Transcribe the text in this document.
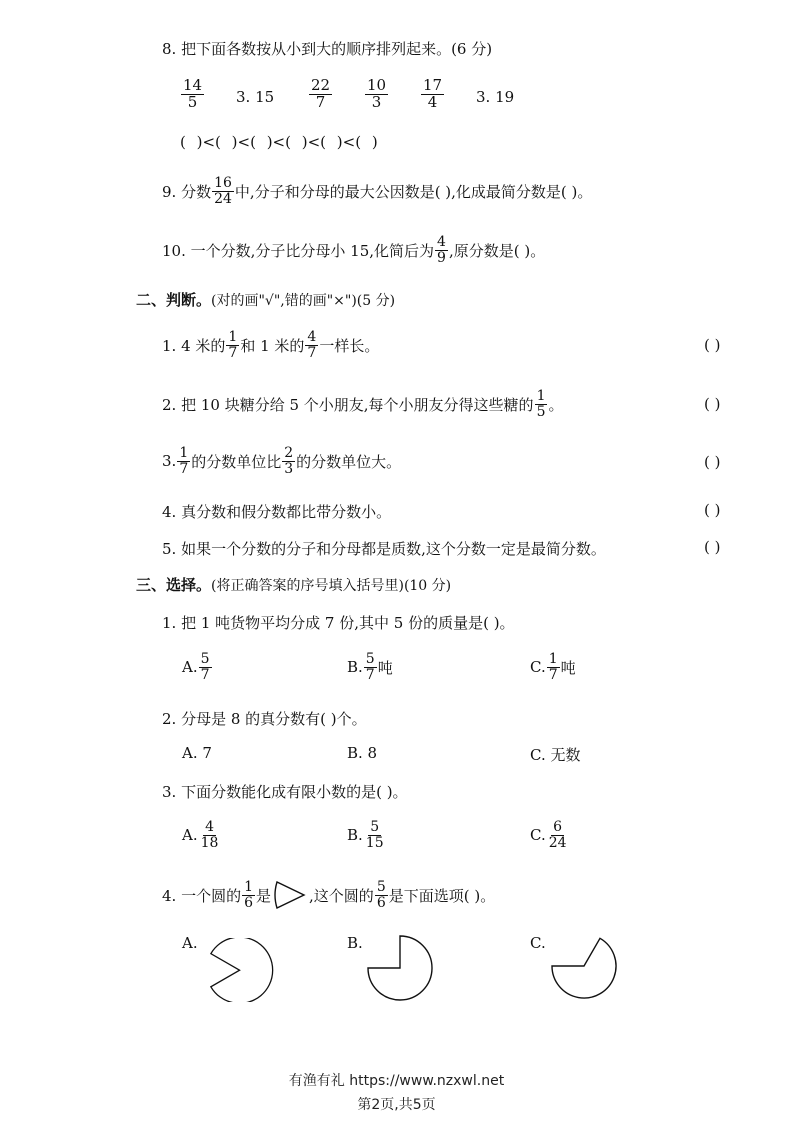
8. 把下面各数按从小到大的顺序排列起来。(6 分)
$\frac{14}{5} 3$. $15 \frac{22}{7} \frac{10}{3} \frac{17}{4} 3$. 19
( )<( )<( )<( )<( )<( )
9. 分数 $\frac{16}{24}$ 中,分子和分母的最大公因数是( ),化成最简分数是( )。
10. 一个分数,分子比分母小 15,化简后为 $\frac{4}{9}$ ,原分数是( )。
二、判断。(对的画"√",错的画"×")(5 分)
1. 4 米的 $\frac{1}{7}$ 和 1 米的 $\frac{4}{7}$ 一样长。	( )
2. 把 10 块糖分给 5 个小朋友,每个小朋友分得这些糖的 $\frac{1}{5}$ 。	( )
3. $\frac{1}{7}$ 的分数单位比 $\frac{2}{3}$ 的分数单位大。	( )
4. 真分数和假分数都比带分数小。	( )
5. 如果一个分数的分子和分母都是质数,这个分数一定是最简分数。	( )
三、选择。(将正确答案的序号填入括号里)(10 分)
1. 把 1 吨货物平均分成 7 份,其中 5 份的质量是( )。
A. $\frac{5}{7}$	B. $\frac{5}{7}$ 吨	C. $\frac{1}{7}$ 吨
2. 分母是 8 的真分数有( )个。
A. 7	B. 8	C. 无数
3. 下面分数能化成有限小数的是( )。
A. $\frac{4}{18}$	B. $\frac{5}{15}$	C. $\frac{6}{24}$
4. 一个圆的 $\frac{1}{6}$ 是	,这个圆的 $\frac{5}{6}$ 是下面选项( )。
A.	B.	C.
有渔有礼 https://www.nzxwl.net
第2页,共5页
